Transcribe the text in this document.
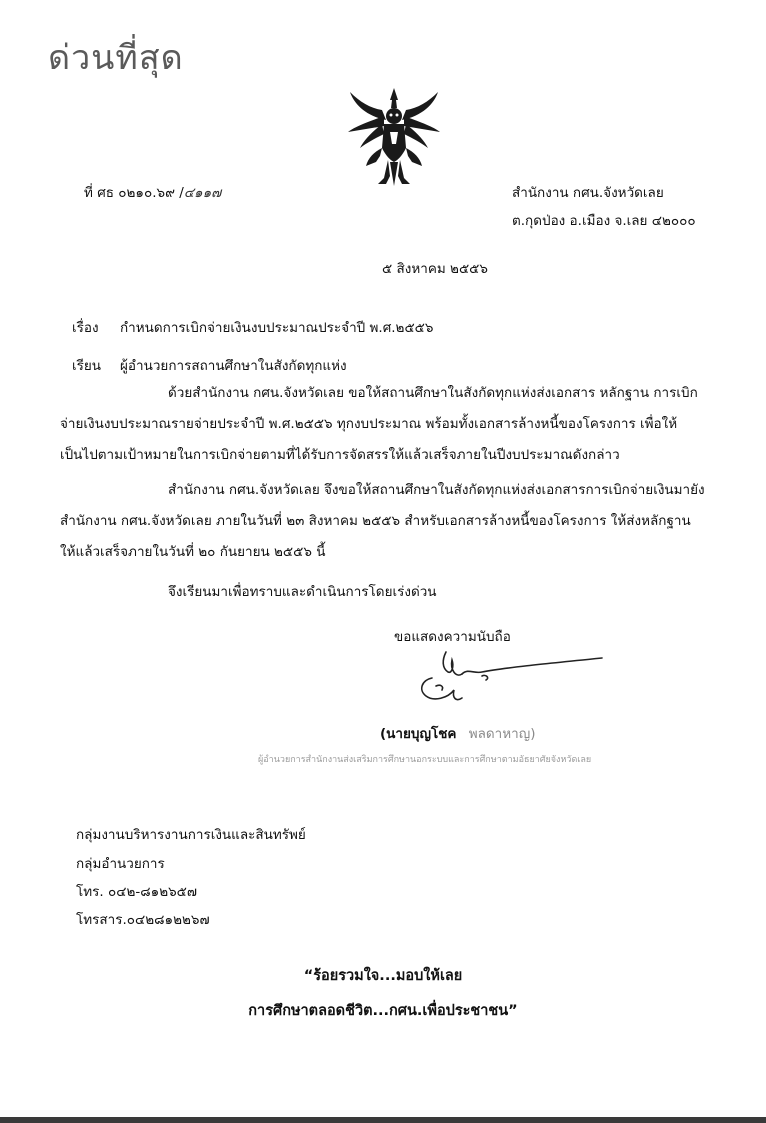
ด่วนที่สุด
ที่ ศธ ๐๒๑๐.๖๙ /๔๑๑๗	สำนักงาน กศน.จังหวัดเลย
ต.กุดป่อง อ.เมือง จ.เลย ๔๒๐๐๐
๕ สิงหาคม ๒๕๕๖
เรื่อง กำหนดการเบิกจ่ายเงินงบประมาณประจำปี พ.ศ.๒๕๕๖
เรียน ผู้อำนวยการสถานศึกษาในสังกัดทุกแห่ง
ด้วยสำนักงาน กศน.จังหวัดเลย ขอให้สถานศึกษาในสังกัดทุกแห่งส่งเอกสาร หลักฐาน การเบิก
จ่ายเงินงบประมาณรายจ่ายประจำปี พ.ศ.๒๕๕๖ ทุกงบประมาณ พร้อมทั้งเอกสารล้างหนี้ของโครงการ เพื่อให้
เป็นไปตามเป้าหมายในการเบิกจ่ายตามที่ได้รับการจัดสรรให้แล้วเสร็จภายในปีงบประมาณดังกล่าว
สำนักงาน กศน.จังหวัดเลย จึงขอให้สถานศึกษาในสังกัดทุกแห่งส่งเอกสารการเบิกจ่ายเงินมายัง
สำนักงาน กศน.จังหวัดเลย ภายในวันที่ ๒๓ สิงหาคม ๒๕๕๖ สำหรับเอกสารล้างหนี้ของโครงการ ให้ส่งหลักฐาน
ให้แล้วเสร็จภายในวันที่ ๒๐ กันยายน ๒๕๕๖ นี้
จึงเรียนมาเพื่อทราบและดำเนินการโดยเร่งด่วน
ขอแสดงความนับถือ
(นายบุญโชค พลดาหาญ)
ผู้อำนวยการสำนักงานส่งเสริมการศึกษานอกระบบและการศึกษาตามอัธยาศัยจังหวัดเลย
กลุ่มงานบริหารงานการเงินและสินทรัพย์
กลุ่มอำนวยการ
โทร. ๐๔๒-๘๑๒๖๕๗
โทรสาร.๐๔๒๘๑๒๒๖๗
“ร้อยรวมใจ...มอบให้เลย
การศึกษาตลอดชีวิต...กศน.เพื่อประชาชน”
